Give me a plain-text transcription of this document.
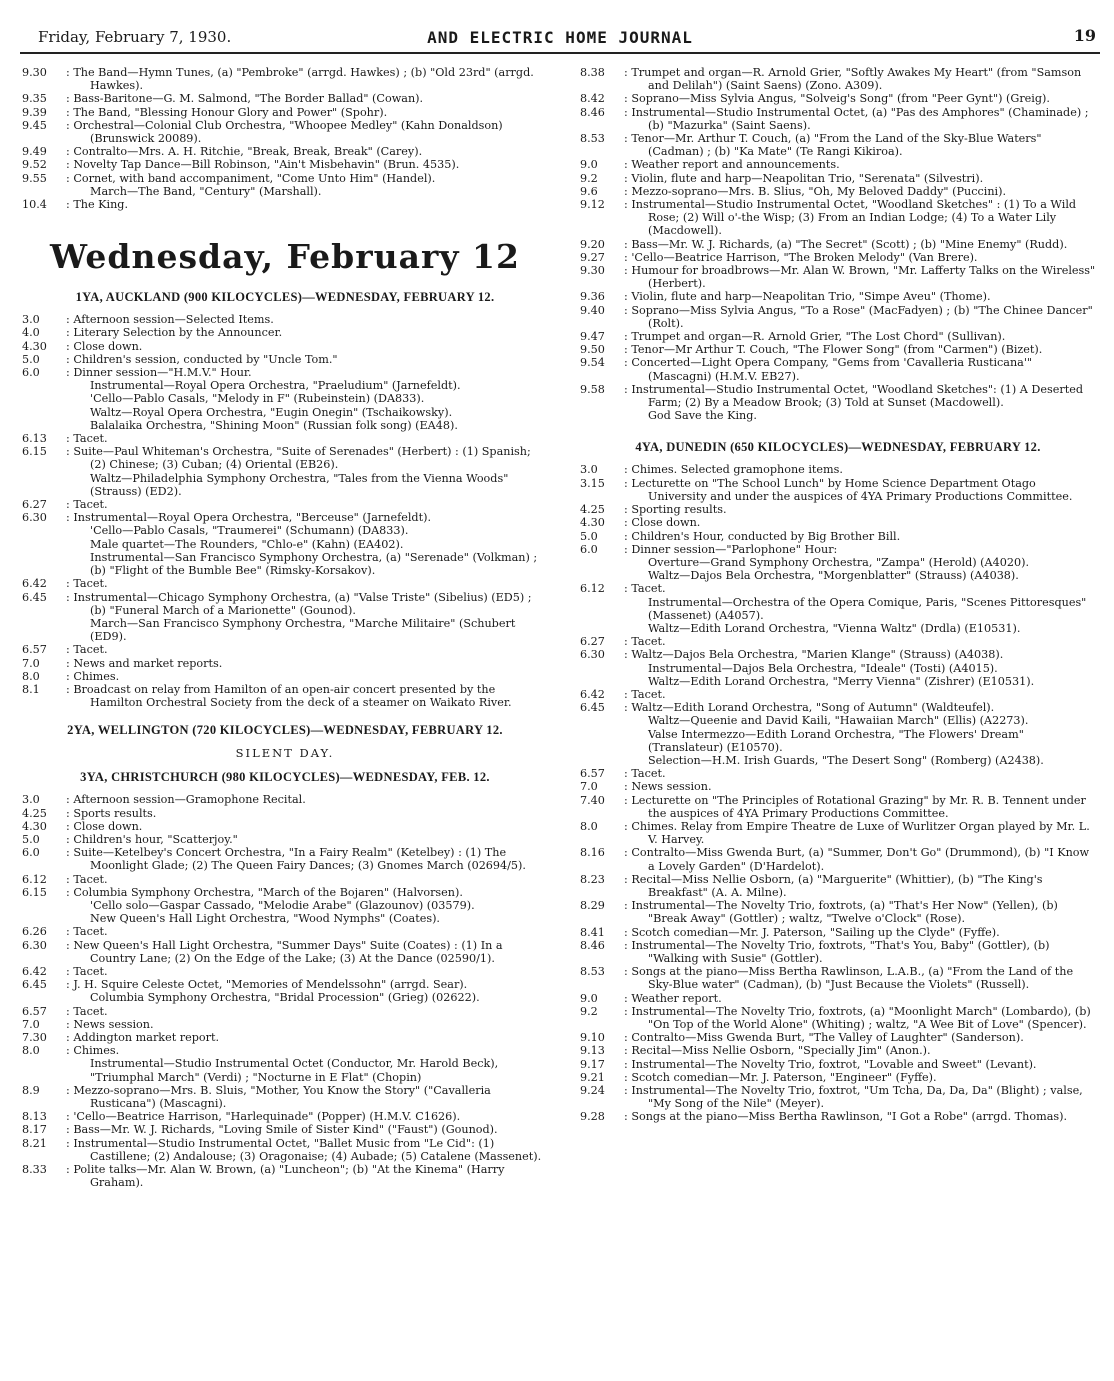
Friday, February 7, 1930.	AND ELECTRIC HOME JOURNAL	19
9.30	: The Band—Hymn Tunes, (a) "Pembroke" (arrgd. Hawkes) ; (b) "Old 23rd" (arrgd. Hawkes).
9.35	: Bass-Baritone—G. M. Salmond, "The Border Ballad" (Cowan).
9.39	: The Band, "Blessing Honour Glory and Power" (Spohr).
9.45	: Orchestral—Colonial Club Orchestra, "Whoopee Medley" (Kahn Donaldson) (Brunswick 20089).
9.49	: Contralto—Mrs. A. H. Ritchie, "Break, Break, Break" (Carey).
9.52	: Novelty Tap Dance—Bill Robinson, "Ain't Misbehavin" (Brun. 4535).
9.55	: Cornet, with band accompaniment, "Come Unto Him" (Handel).
March—The Band, "Century" (Marshall).
10.4	: The King.
Wednesday, February 12
1YA, AUCKLAND (900 KILOCYCLES)—WEDNESDAY, FEBRUARY 12.
3.0	: Afternoon session—Selected Items.
4.0	: Literary Selection by the Announcer.
4.30	: Close down.
5.0	: Children's session, conducted by "Uncle Tom."
6.0	: Dinner session—"H.M.V." Hour.
Instrumental—Royal Opera Orchestra, "Praeludium" (Jarnefeldt).
'Cello—Pablo Casals, "Melody in F" (Rubeinstein) (DA833).
Waltz—Royal Opera Orchestra, "Eugin Onegin" (Tschaikowsky).
Balalaika Orchestra, "Shining Moon" (Russian folk song) (EA48).
6.13	: Tacet.
6.15	: Suite—Paul Whiteman's Orchestra, "Suite of Serenades" (Herbert) : (1) Spanish; (2) Chinese; (3) Cuban; (4) Oriental (EB26).
Waltz—Philadelphia Symphony Orchestra, "Tales from the Vienna Woods" (Strauss) (ED2).
6.27	: Tacet.
6.30	: Instrumental—Royal Opera Orchestra, "Berceuse" (Jarnefeldt).
'Cello—Pablo Casals, "Traumerei" (Schumann) (DA833).
Male quartet—The Rounders, "Chlo-e" (Kahn) (EA402).
Instrumental—San Francisco Symphony Orchestra, (a) "Serenade" (Volkman) ; (b) "Flight of the Bumble Bee" (Rimsky-Korsakov).
6.42	: Tacet.
6.45	: Instrumental—Chicago Symphony Orchestra, (a) "Valse Triste" (Sibelius) (ED5) ; (b) "Funeral March of a Marionette" (Gounod).
March—San Francisco Symphony Orchestra, "Marche Militaire" (Schubert (ED9).
6.57	: Tacet.
7.0	: News and market reports.
8.0	: Chimes.
8.1	: Broadcast on relay from Hamilton of an open-air concert presented by the Hamilton Orchestral Society from the deck of a steamer on Waikato River.
2YA, WELLINGTON (720 KILOCYCLES)—WEDNESDAY, FEBRUARY 12.
SILENT DAY.
3YA, CHRISTCHURCH (980 KILOCYCLES)—WEDNESDAY, FEB. 12.
3.0	: Afternoon session—Gramophone Recital.
4.25	: Sports results.
4.30	: Close down.
5.0	: Children's hour, "Scatterjoy."
6.0	: Suite—Ketelbey's Concert Orchestra, "In a Fairy Realm" (Ketelbey) : (1) The Moonlight Glade; (2) The Queen Fairy Dances; (3) Gnomes March (02694/5).
6.12	: Tacet.
6.15	: Columbia Symphony Orchestra, "March of the Bojaren" (Halvorsen).
'Cello solo—Gaspar Cassado, "Melodie Arabe" (Glazounov) (03579).
New Queen's Hall Light Orchestra, "Wood Nymphs" (Coates).
6.26	: Tacet.
6.30	: New Queen's Hall Light Orchestra, "Summer Days" Suite (Coates) : (1) In a Country Lane; (2) On the Edge of the Lake; (3) At the Dance (02590/1).
6.42	: Tacet.
6.45	: J. H. Squire Celeste Octet, "Memories of Mendelssohn" (arrgd. Sear).
Columbia Symphony Orchestra, "Bridal Procession" (Grieg) (02622).
6.57	: Tacet.
7.0	: News session.
7.30	: Addington market report.
8.0	: Chimes.
Instrumental—Studio Instrumental Octet (Conductor, Mr. Harold Beck), "Triumphal March" (Verdi) ; "Nocturne in E Flat" (Chopin)
8.9	: Mezzo-soprano—Mrs. B. Sluis, "Mother, You Know the Story" ("Cavalleria Rusticana") (Mascagni).
8.13	: 'Cello—Beatrice Harrison, "Harlequinade" (Popper) (H.M.V. C1626).
8.17	: Bass—Mr. W. J. Richards, "Loving Smile of Sister Kind" ("Faust") (Gounod).
8.21	: Instrumental—Studio Instrumental Octet, "Ballet Music from "Le Cid": (1) Castillene; (2) Andalouse; (3) Oragonaise; (4) Aubade; (5) Catalene (Massenet).
8.33	: Polite talks—Mr. Alan W. Brown, (a) "Luncheon"; (b) "At the Kinema" (Harry Graham).
8.38	: Trumpet and organ—R. Arnold Grier, "Softly Awakes My Heart" (from "Samson and Delilah") (Saint Saens) (Zono. A309).
8.42	: Soprano—Miss Sylvia Angus, "Solveig's Song" (from "Peer Gynt") (Greig).
8.46	: Instrumental—Studio Instrumental Octet, (a) "Pas des Amphores" (Chaminade) ; (b) "Mazurka" (Saint Saens).
8.53	: Tenor—Mr. Arthur T. Couch, (a) "From the Land of the Sky-Blue Waters" (Cadman) ; (b) "Ka Mate" (Te Rangi Kikiroa).
9.0	: Weather report and announcements.
9.2	: Violin, flute and harp—Neapolitan Trio, "Serenata" (Silvestri).
9.6	: Mezzo-soprano—Mrs. B. Slius, "Oh, My Beloved Daddy" (Puccini).
9.12	: Instrumental—Studio Instrumental Octet, "Woodland Sketches" : (1) To a Wild Rose; (2) Will o'-the Wisp; (3) From an Indian Lodge; (4) To a Water Lily (Macdowell).
9.20	: Bass—Mr. W. J. Richards, (a) "The Secret" (Scott) ; (b) "Mine Enemy" (Rudd).
9.27	: 'Cello—Beatrice Harrison, "The Broken Melody" (Van Brere).
9.30	: Humour for broadbrows—Mr. Alan W. Brown, "Mr. Lafferty Talks on the Wireless" (Herbert).
9.36	: Violin, flute and harp—Neapolitan Trio, "Simpe Aveu" (Thome).
9.40	: Soprano—Miss Sylvia Angus, "To a Rose" (MacFadyen) ; (b) "The Chinee Dancer" (Rolt).
9.47	: Trumpet and organ—R. Arnold Grier, "The Lost Chord" (Sullivan).
9.50	: Tenor—Mr Arthur T. Couch, "The Flower Song" (from "Carmen") (Bizet).
9.54	: Concerted—Light Opera Company, "Gems from 'Cavalleria Rusticana'" (Mascagni) (H.M.V. EB27).
9.58	: Instrumental—Studio Instrumental Octet, "Woodland Sketches": (1) A Deserted Farm; (2) By a Meadow Brook; (3) Told at Sunset (Macdowell).
God Save the King.
4YA, DUNEDIN (650 KILOCYCLES)—WEDNESDAY, FEBRUARY 12.
3.0	: Chimes. Selected gramophone items.
3.15	: Lecturette on "The School Lunch" by Home Science Department Otago University and under the auspices of 4YA Primary Productions Committee.
4.25	: Sporting results.
4.30	: Close down.
5.0	: Children's Hour, conducted by Big Brother Bill.
6.0	: Dinner session—"Parlophone" Hour:
Overture—Grand Symphony Orchestra, "Zampa" (Herold) (A4020).
Waltz—Dajos Bela Orchestra, "Morgenblatter" (Strauss) (A4038).
6.12	: Tacet.
Instrumental—Orchestra of the Opera Comique, Paris, "Scenes Pittoresques" (Massenet) (A4057).
Waltz—Edith Lorand Orchestra, "Vienna Waltz" (Drdla) (E10531).
6.27	: Tacet.
6.30	: Waltz—Dajos Bela Orchestra, "Marien Klange" (Strauss) (A4038).
Instrumental—Dajos Bela Orchestra, "Ideale" (Tosti) (A4015).
Waltz—Edith Lorand Orchestra, "Merry Vienna" (Zishrer) (E10531).
6.42	: Tacet.
6.45	: Waltz—Edith Lorand Orchestra, "Song of Autumn" (Waldteufel).
Waltz—Queenie and David Kaili, "Hawaiian March" (Ellis) (A2273).
Valse Intermezzo—Edith Lorand Orchestra, "The Flowers' Dream" (Translateur) (E10570).
Selection—H.M. Irish Guards, "The Desert Song" (Romberg) (A2438).
6.57	: Tacet.
7.0	: News session.
7.40	: Lecturette on "The Principles of Rotational Grazing" by Mr. R. B. Tennent under the auspices of 4YA Primary Productions Committee.
8.0	: Chimes. Relay from Empire Theatre de Luxe of Wurlitzer Organ played by Mr. L. V. Harvey.
8.16	: Contralto—Miss Gwenda Burt, (a) "Summer, Don't Go" (Drummond), (b) "I Know a Lovely Garden" (D'Hardelot).
8.23	: Recital—Miss Nellie Osborn, (a) "Marguerite" (Whittier), (b) "The King's Breakfast" (A. A. Milne).
8.29	: Instrumental—The Novelty Trio, foxtrots, (a) "That's Her Now" (Yellen), (b) "Break Away" (Gottler) ; waltz, "Twelve o'Clock" (Rose).
8.41	: Scotch comedian—Mr. J. Paterson, "Sailing up the Clyde" (Fyffe).
8.46	: Instrumental—The Novelty Trio, foxtrots, "That's You, Baby" (Gottler), (b) "Walking with Susie" (Gottler).
8.53	: Songs at the piano—Miss Bertha Rawlinson, L.A.B., (a) "From the Land of the Sky-Blue water" (Cadman), (b) "Just Because the Violets" (Russell).
9.0	: Weather report.
9.2	: Instrumental—The Novelty Trio, foxtrots, (a) "Moonlight March" (Lombardo), (b) "On Top of the World Alone" (Whiting) ; waltz, "A Wee Bit of Love" (Spencer).
9.10	: Contralto—Miss Gwenda Burt, "The Valley of Laughter" (Sanderson).
9.13	: Recital—Miss Nellie Osborn, "Specially Jim" (Anon.).
9.17	: Instrumental—The Novelty Trio, foxtrot, "Lovable and Sweet" (Levant).
9.21	: Scotch comedian—Mr. J. Paterson, "Engineer" (Fyffe).
9.24	: Instrumental—The Novelty Trio, foxtrot, "Um Tcha, Da, Da, Da" (Blight) ; valse, "My Song of the Nile" (Meyer).
9.28	: Songs at the piano—Miss Bertha Rawlinson, "I Got a Robe" (arrgd. Thomas).
